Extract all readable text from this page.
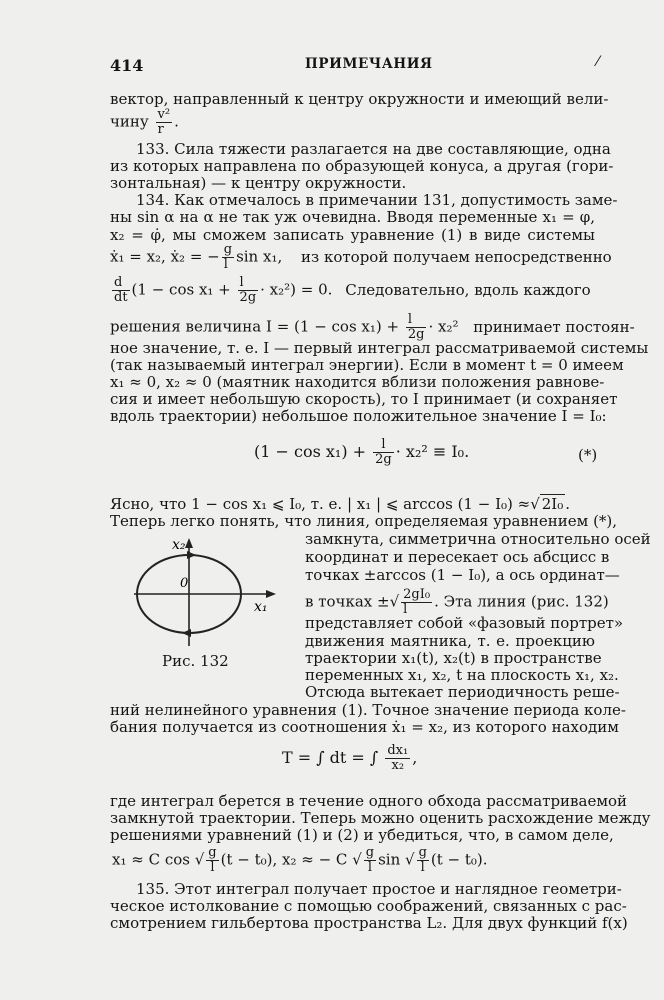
414	ПРИМЕЧАНИЯ	⁄
вектор, направленный к центру окружности и имеющий вели-
чину $\frac{\text{v²}}{r}$ .
133. Сила тяжести разлагается на две составляющие, одна
из которых направлена по образующей конуса, а другая (гори-
зонтальная) — к центру окружности.
134. Как отмечалось в примечании 131, допустимость заме-
ны sin α на α не так уж очевидна. Вводя переменные x₁ = φ,
x₂ = φ̇, мы сможем записать уравнение (1) в виде системы
ẋ₁ = x₂, ẋ₂ = − $\frac{g}{l}$ sin x₁, из которой получаем непосредственно
$\frac{d}{dt} (1 - \cos x_1 + \frac{l}{2g} \cdot x_2^2) = 0$. Следовательно, вдоль каждого
решения величина $I = (1 - \cos x_1) + \frac{l}{2g} \cdot x_2^2$ принимает постоян-
ное значение, т. е. I — первый интеграл рассматриваемой системы
(так называемый интеграл энергии). Если в момент t = 0 имеем
x₁ ≈ 0, x₂ ≈ 0 (маятник находится вблизи положения равнове-
сия и имеет небольшую скорость), то I принимает (и сохраняет
вдоль траектории) небольшое положительное значение I = I₀:
$(1 - \cos x_1) + \frac{l}{2g} \cdot x_2^2 \equiv I_0$.	(*)
Ясно, что 1 − cos x₁ ⩽ I₀, т. е. | x₁ | ⩽ arccos (1 − I₀) ≈√ 2I₀ .
Теперь легко понять, что линия, определяемая уравнением (*),
x₂
0
x₁
Рис. 132
замкнута, симметрична относительно осей
координат и пересекает ось абсцисс в
точках ±arccos (1 − I₀), а ось ординат—
в точках ±√ $\frac{\text{2gI₀}}{l}$ . Эта линия (рис. 132)
представляет собой «фазовый портрет»
движения маятника, т. е. проекцию
траектории x₁(t), x₂(t) в пространстве
переменных x₁, x₂, t на плоскость x₁, x₂.
Отсюда вытекает периодичность реше-
ний нелинейного уравнения (1). Точное значение периода коле-
бания получается из соотношения ẋ₁ = x₂, из которого находим
T = ∫ dt = ∫ $\frac{\text{dx₁}}{\text{x₂}}$ ,
где интеграл берется в течение одного обхода рассматриваемой
замкнутой траектории. Теперь можно оценить расхождение между
решениями уравнений (1) и (2) и убедиться, что, в самом деле,
x₁ ≈ C cos √ $\frac{g}{l} (t - t_0)$, x₂ ≈ − C √ $\frac{g}{l}$ sin √ $\frac{g}{l} (t - t_0)$.
135. Этот интеграл получает простое и наглядное геометри-
ческое истолкование с помощью соображений, связанных с рас-
смотрением гильбертова пространства L₂. Для двух функций f(x)
